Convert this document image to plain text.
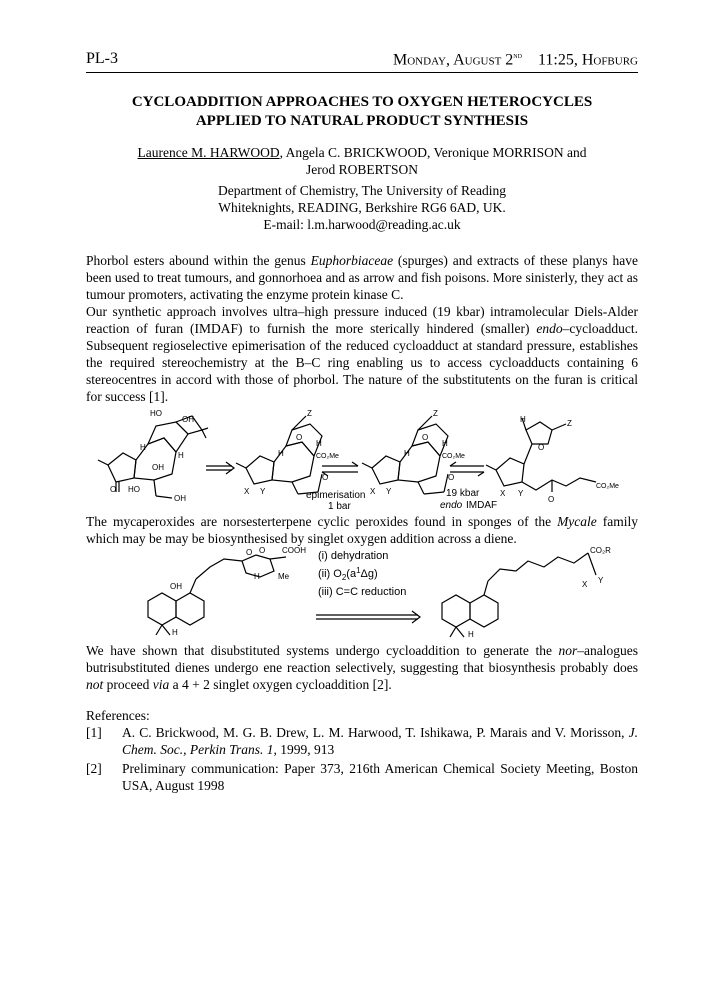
PL-3	Monday, August 2nd 11:25, Hofburg
CYCLOADDITION APPROACHES TO OXYGEN HETEROCYCLES
APPLIED TO NATURAL PRODUCT SYNTHESIS
Laurence M. HARWOOD, Angela C. BRICKWOOD, Veronique MORRISON and
Jerod ROBERTSON
Department of Chemistry, The University of Reading
Whiteknights, READING, Berkshire RG6 6AD, UK.
E-mail: l.m.harwood@reading.ac.uk
Phorbol esters abound within the genus Euphorbiaceae (spurges) and extracts of these planys have been used to treat tumours, and gonnorhoea and as arrow and fish poisons. More sinisterly, they act as tumour promoters, activating the enzyme protein kinase C.
Our synthetic approach involves ultra–high pressure induced (19 kbar) intramolecular Diels-Alder reaction of furan (IMDAF) to furnish the more sterically hindered (smaller) endo–cycloadduct. Subsequent regioselective epimerisation of the reduced cycloadduct at standard pressure, establishes the required stereochemistry at the B–C ring enabling us to access cycloadducts containing 6 stereocentres in accord with those of phorbol. The nature of the substitutents on the furan is critical for success [1].
HO
OH
H
H
OH
O HO
OH
Z
O
H
CO₂Me
H
X Y
O
epimerisation
1 bar
Z
O
H
CO₂Me
H
X Y
O
19 kbar
endo IMDAF
H
O
Z
X Y
O
CO₂Me
The mycaperoxides are norsesterterpene cyclic peroxides found in sponges of the Mycale family which may be may be biosynthesised by singlet oxygen addition across a diene.
O O COOH
H Me
OH
H
(i) dehydration
(ii) $O_2(a^1\Delta g)$
(iii) C=C reduction
CO₂R
X Y
H
We have shown that disubstituted systems undergo cycloaddition to generate the nor–analogues butrisubstituted dienes undergo ene reaction selectively, suggesting that biosynthesis probably does not proceed via a 4 + 2 singlet oxygen cycloaddition [2].
References:
[1] A. C. Brickwood, M. G. B. Drew, L. M. Harwood, T. Ishikawa, P. Marais and V. Morisson, J. Chem. Soc., Perkin Trans. 1, 1999, 913
[2] Preliminary communication: Paper 373, 216th American Chemical Society Meeting, Boston USA, August 1998
